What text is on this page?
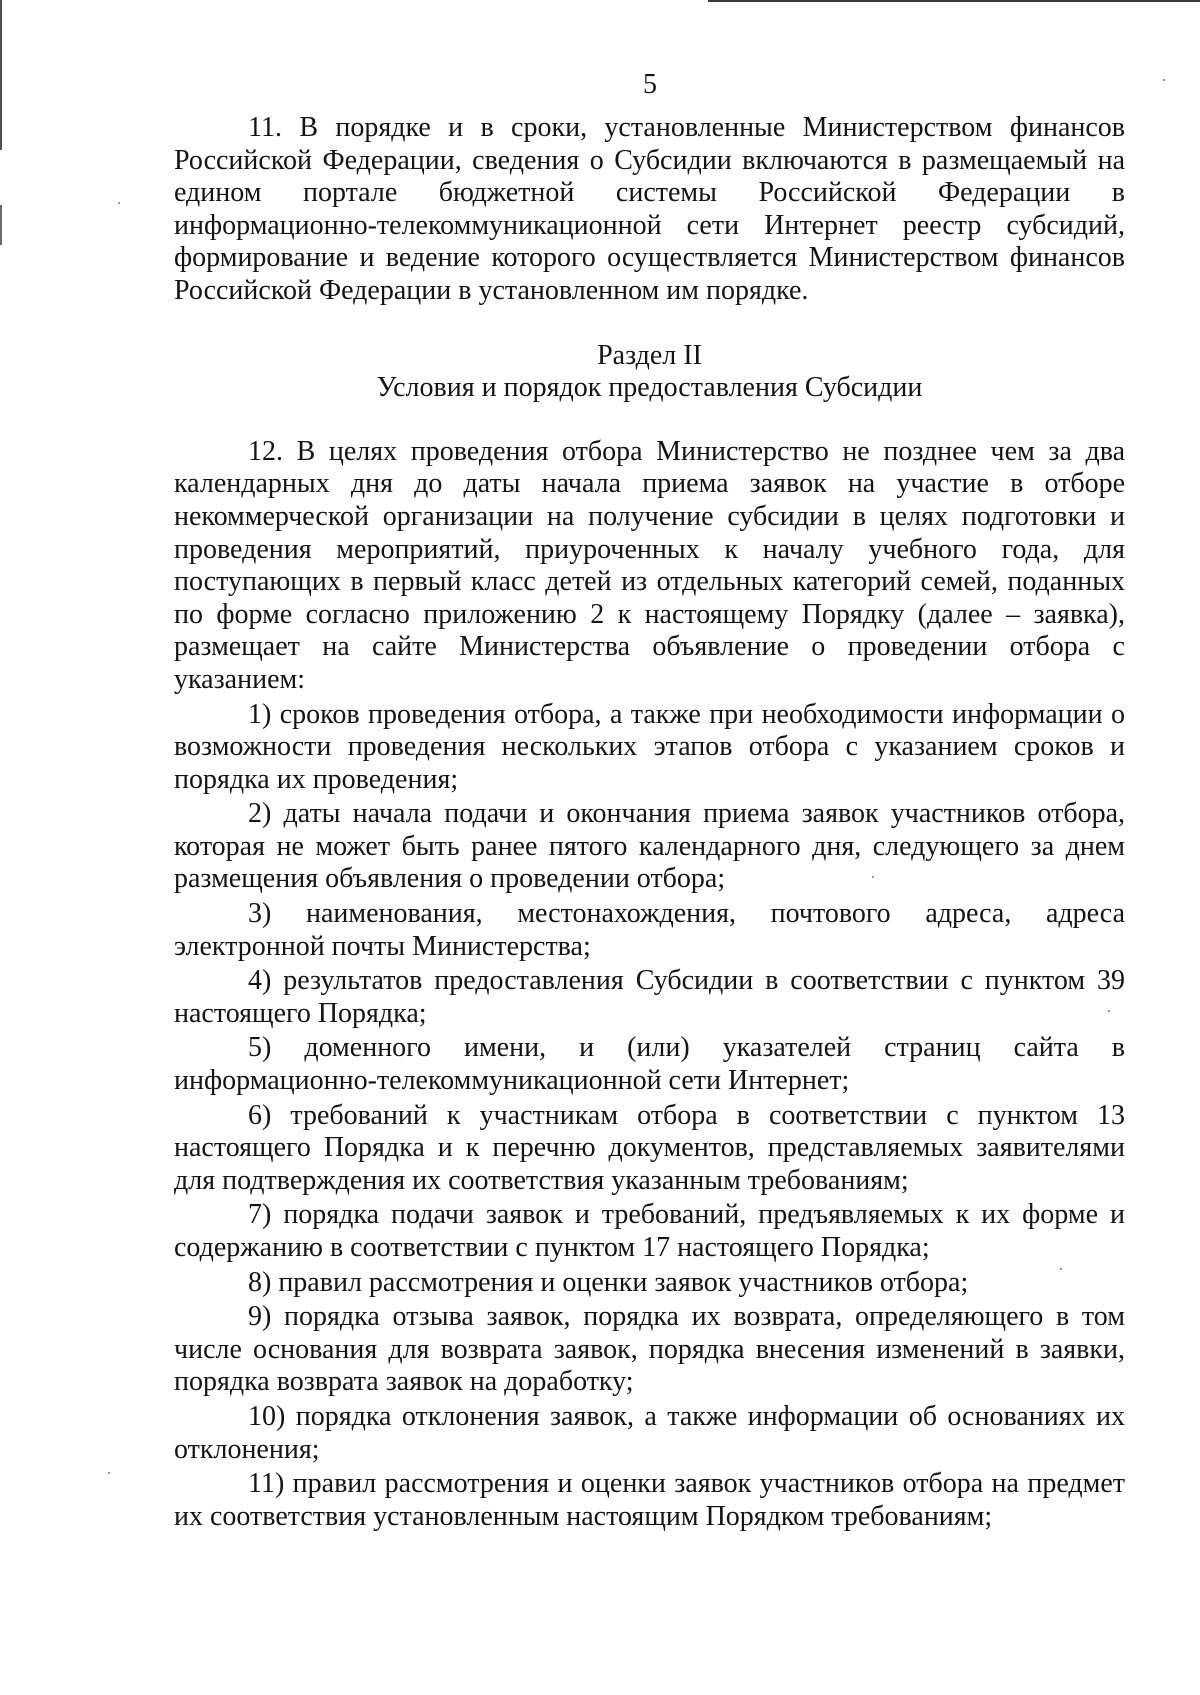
5

11. В порядке и в сроки, установленные Министерством финансов Российской Федерации, сведения о Субсидии включаются в размещаемый на едином портале бюджетной системы Российской Федерации в информационно-телекоммуникационной сети Интернет реестр субсидий, формирование и ведение которого осуществляется Министерством финансов Российской Федерации в установленном им порядке.

Раздел II

Условия и порядок предоставления Субсидии

12. В целях проведения отбора Министерство не позднее чем за два календарных дня до даты начала приема заявок на участие в отборе некоммерческой организации на получение субсидии в целях подготовки и проведения мероприятий, приуроченных к началу учебного года, для поступающих в первый класс детей из отдельных категорий семей, поданных по форме согласно приложению 2 к настоящему Порядку (далее – заявка), размещает на сайте Министерства объявление о проведении отбора с указанием:

1) сроков проведения отбора, а также при необходимости информации о возможности проведения нескольких этапов отбора с указанием сроков и порядка их проведения;

2) даты начала подачи и окончания приема заявок участников отбора, которая не может быть ранее пятого календарного дня, следующего за днем размещения объявления о проведении отбора;

3) наименования, местонахождения, почтового адреса, адреса электронной почты Министерства;

4) результатов предоставления Субсидии в соответствии с пунктом 39 настоящего Порядка;

5) доменного имени, и (или) указателей страниц сайта в информационно-телекоммуникационной сети Интернет;

6) требований к участникам отбора в соответствии с пунктом 13 настоящего Порядка и к перечню документов, представляемых заявителями для подтверждения их соответствия указанным требованиям;

7) порядка подачи заявок и требований, предъявляемых к их форме и содержанию в соответствии с пунктом 17 настоящего Порядка;

8) правил рассмотрения и оценки заявок участников отбора;

9) порядка отзыва заявок, порядка их возврата, определяющего в том числе основания для возврата заявок, порядка внесения изменений в заявки, порядка возврата заявок на доработку;

10) порядка отклонения заявок, а также информации об основаниях их отклонения;

11) правил рассмотрения и оценки заявок участников отбора на предмет их соответствия установленным настоящим Порядком требованиям;
